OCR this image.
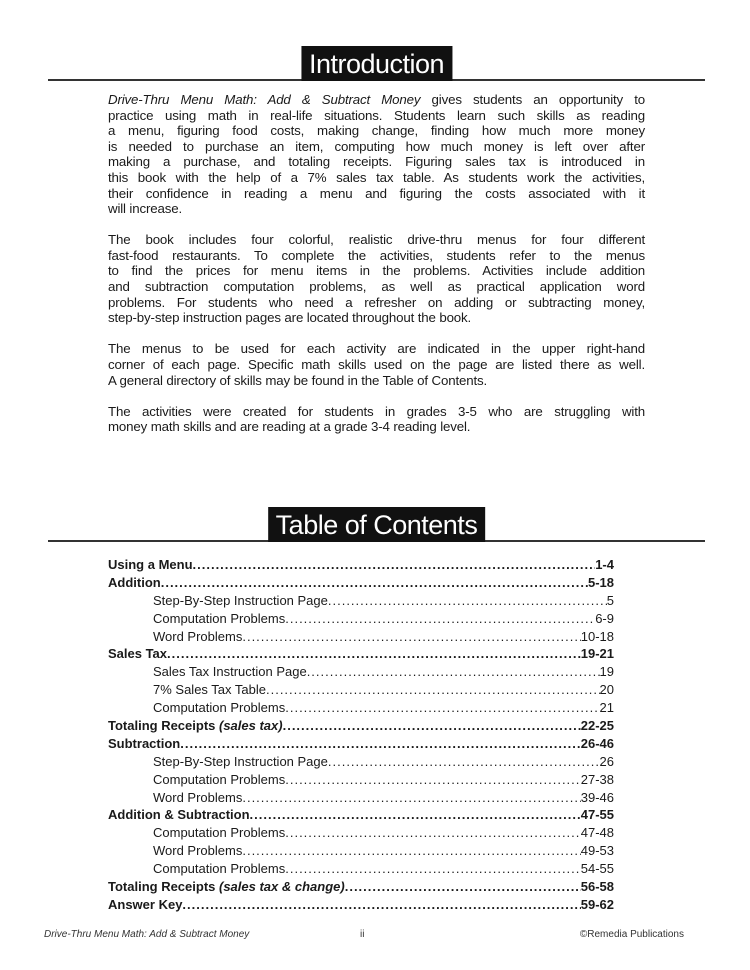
Introduction
Drive-Thru Menu Math: Add & Subtract Money gives students an opportunity to
practice using math in real-life situations. Students learn such skills as reading
a menu, figuring food costs, making change, finding how much more money
is needed to purchase an item, computing how much money is left over after
making a purchase, and totaling receipts. Figuring sales tax is introduced in
this book with the help of a 7% sales tax table. As students work the activities,
their confidence in reading a menu and figuring the costs associated with it
will increase.
The book includes four colorful, realistic drive-thru menus for four different
fast-food restaurants. To complete the activities, students refer to the menus
to find the prices for menu items in the problems. Activities include addition
and subtraction computation problems, as well as practical application word
problems. For students who need a refresher on adding or subtracting money,
step-by-step instruction pages are located throughout the book.
The menus to be used for each activity are indicated in the upper right-hand
corner of each page. Specific math skills used on the page are listed there as well.
A general directory of skills may be found in the Table of Contents.
The activities were created for students in grades 3-5 who are struggling with
money math skills and are reading at a grade 3-4 reading level.
Table of Contents
Using a Menu .....	1-4
Addition .....	5-18
Step-By-Step Instruction Page .....	5
Computation Problems .....	6-9
Word Problems .....	10-18
Sales Tax .....	19-21
Sales Tax Instruction Page .....	19
7% Sales Tax Table .....	20
Computation Problems .....	21
Totaling Receipts (sales tax) .....	22-25
Subtraction .....	26-46
Step-By-Step Instruction Page .....	26
Computation Problems .....	27-38
Word Problems .....	39-46
Addition & Subtraction .....	47-55
Computation Problems .....	47-48
Word Problems .....	49-53
Computation Problems .....	54-55
Totaling Receipts (sales tax & change) .....	56-58
Answer Key .....	59-62
Drive-Thru Menu Math: Add & Subtract Money	ii	©Remedia Publications
